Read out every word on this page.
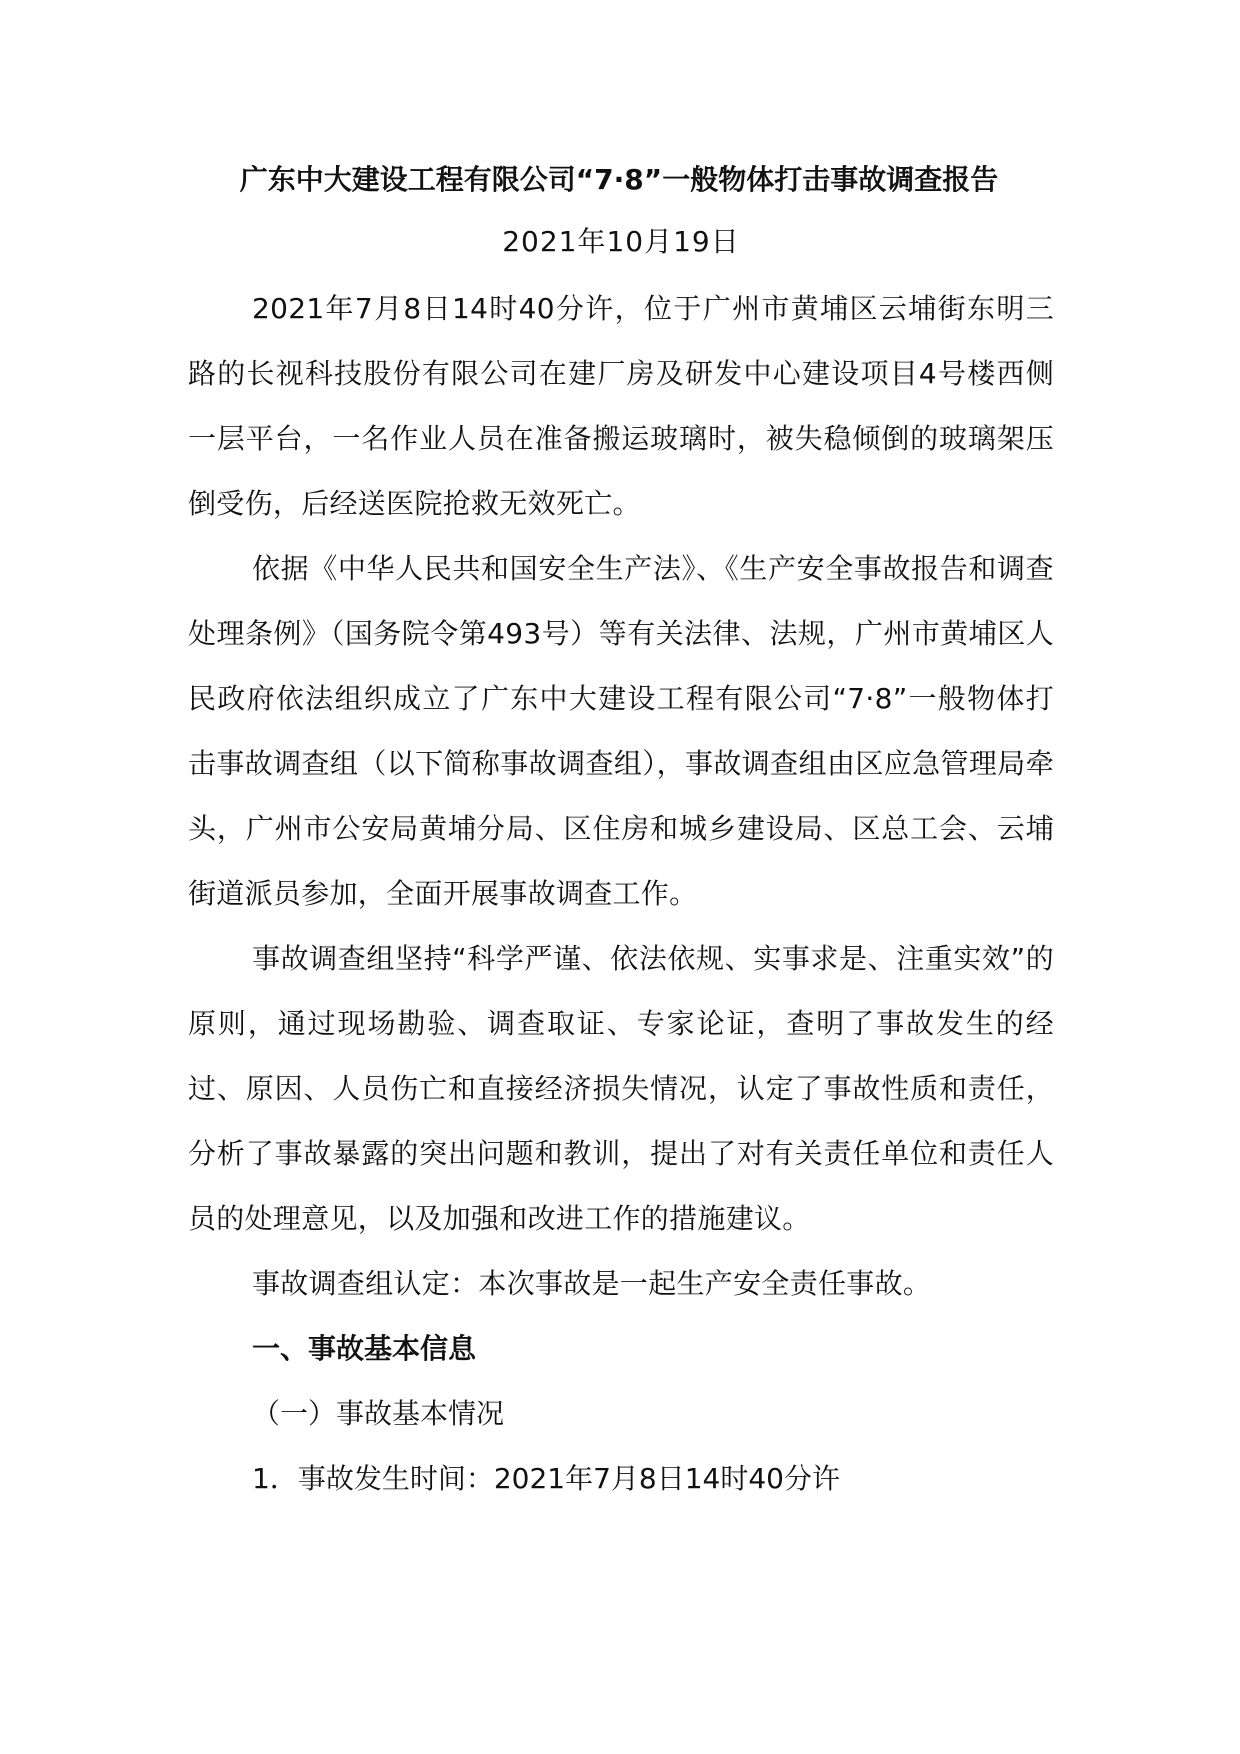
广东中大建设工程有限公司“7·8”一般物体打击事故调查报告

2021年10月19日

2021年7月8日14时40分许，位于广州市黄埔区云埔街东明三路的长视科技股份有限公司在建厂房及研发中心建设项目4号楼西侧一层平台，一名作业人员在准备搬运玻璃时，被失稳倾倒的玻璃架压倒受伤，后经送医院抢救无效死亡。

依据《中华人民共和国安全生产法》、《生产安全事故报告和调查处理条例》（国务院令第493号）等有关法律、法规，广州市黄埔区人民政府依法组织成立了广东中大建设工程有限公司“7·8”一般物体打击事故调查组（以下简称事故调查组），事故调查组由区应急管理局牵头，广州市公安局黄埔分局、区住房和城乡建设局、区总工会、云埔街道派员参加，全面开展事故调查工作。

事故调查组坚持“科学严谨、依法依规、实事求是、注重实效”的原则，通过现场勘验、调查取证、专家论证，查明了事故发生的经过、原因、人员伤亡和直接经济损失情况，认定了事故性质和责任，分析了事故暴露的突出问题和教训，提出了对有关责任单位和责任人员的处理意见，以及加强和改进工作的措施建议。

事故调查组认定：本次事故是一起生产安全责任事故。

一、事故基本信息

（一）事故基本情况

1．事故发生时间：2021年7月8日14时40分许
